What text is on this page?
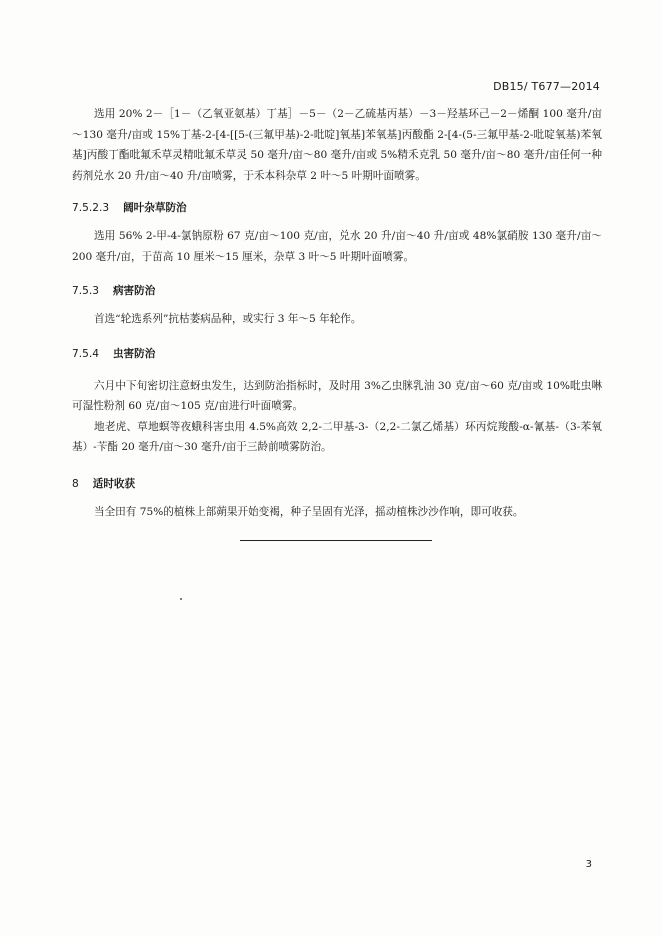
DB15/ T677—2014

选用 20% 2－［1－（乙氧亚氨基）丁基］－5－（2－乙硫基丙基）－3－羟基环己－2－烯酮 100 毫升/亩～130 毫升/亩或 15%丁基-2-[4-[[5-(三氟甲基)-2-吡啶]氧基]苯氧基]丙酸酯 2-[4-(5-三氟甲基-2-吡啶氧基)苯氧基]丙酸丁酯吡氟禾草灵精吡氟禾草灵 50 毫升/亩～80 毫升/亩或 5%精禾克乳 50 毫升/亩～80 毫升/亩任何一种药剂兑水 20 升/亩～40 升/亩喷雾，于禾本科杂草 2 叶～5 叶期叶面喷雾。

7.5.2.3 阔叶杂草防治

选用 56% 2-甲-4-氯钠原粉 67 克/亩～100 克/亩，兑水 20 升/亩～40 升/亩或 48%氯硝胺 130 毫升/亩～200 毫升/亩，于苗高 10 厘米～15 厘米，杂草 3 叶～5 叶期叶面喷雾。

7.5.3 病害防治

首选“轮选系列”抗枯萎病品种，或实行 3 年～5 年轮作。

7.5.4 虫害防治

六月中下旬密切注意蚜虫发生，达到防治指标时，及时用 3%乙虫脒乳油 30 克/亩～60 克/亩或 10%吡虫啉可湿性粉剂 60 克/亩～105 克/亩进行叶面喷雾。

地老虎、草地螟等夜蛾科害虫用 4.5%高效 2,2-二甲基-3-（2,2-二氯乙烯基）环丙烷羧酸-α-氰基-（3-苯氧基）-苄酯 20 毫升/亩～30 毫升/亩于三龄前喷雾防治。

8 适时收获

当全田有 75%的植株上部蒴果开始变褐，种子呈固有光泽，摇动植株沙沙作响，即可收获。

3
